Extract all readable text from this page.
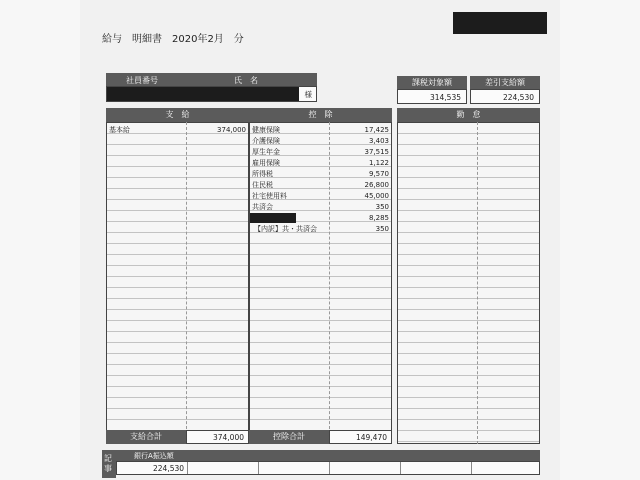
給与　明細書　2020年2月　分
社員番号	氏　名
様
課税対象額
314,535
差引支給額
224,530
支　給	控　除	勤　怠
基本給	374,000 健康保険	17,425
介護保険	3,403
厚生年金	37,515
雇用保険	1,122
所得税	9,570
住民税	26,800
社宅使用料	45,000
共済会	350
8,285
【内訳】共・共済会	350
支給合計	374,000	控除合計	149,470
記事
銀行A振込額
224,530
